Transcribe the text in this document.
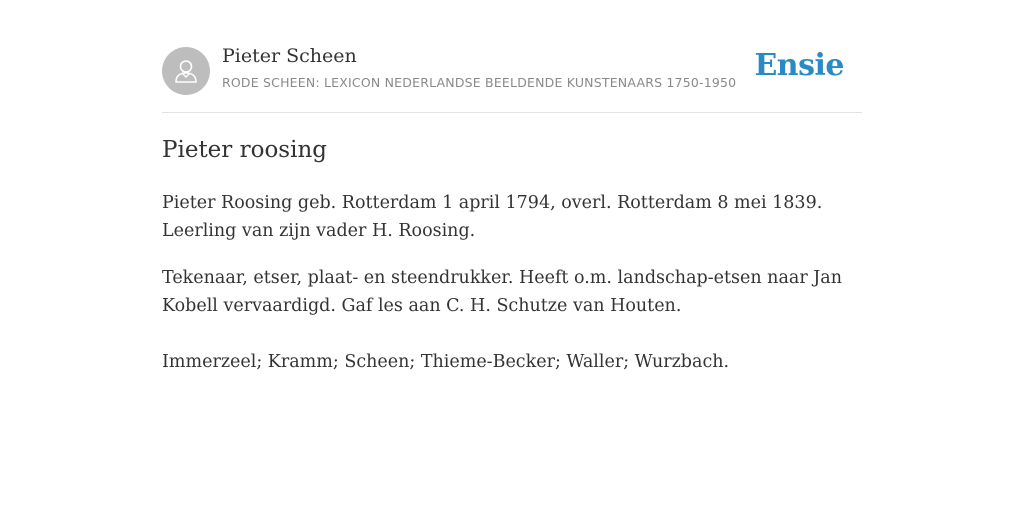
Pieter Scheen
RODE SCHEEN: LEXICON NEDERLANDSE BEELDENDE KUNSTENAARS 1750-1950 Ensie
Pieter roosing

Pieter Roosing geb. Rotterdam 1 april 1794, overl. Rotterdam 8 mei 1839. Leerling van zijn vader H. Roosing.

Tekenaar, etser, plaat- en steendrukker. Heeft o.m. landschap-etsen naar Jan Kobell vervaardigd. Gaf les aan C. H. Schutze van Houten.

Immerzeel; Kramm; Scheen; Thieme-Becker; Waller; Wurzbach.
